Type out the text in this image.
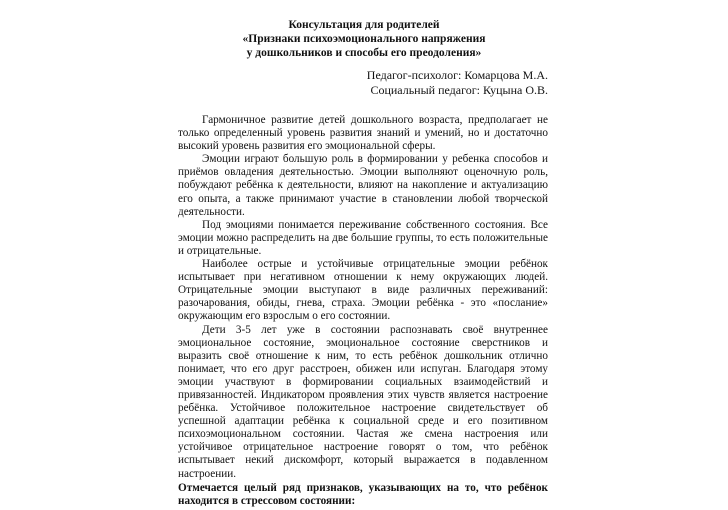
Консультация для родителей
«Признаки психоэмоционального напряжения
у дошкольников и способы его преодоления»
Педагог-психолог: Комарцова М.А.
Социальный педагог: Куцына О.В.

Гармоничное развитие детей дошкольного возраста, предполагает не только определенный уровень развития знаний и умений, но и достаточно высокий уровень развития его эмоциональной сферы.

Эмоции играют большую роль в формировании у ребенка способов и приёмов овладения деятельностью. Эмоции выполняют оценочную роль, побуждают ребёнка к деятельности, влияют на накопление и актуализацию его опыта, а также принимают участие в становлении любой творческой деятельности.

Под эмоциями понимается переживание собственного состояния. Все эмоции можно распределить на две большие группы, то есть положительные и отрицательные.

Наиболее острые и устойчивые отрицательные эмоции ребёнок испытывает при негативном отношении к нему окружающих людей. Отрицательные эмоции выступают в виде различных переживаний: разочарования, обиды, гнева, страха. Эмоции ребёнка - это «послание» окружающим его взрослым о его состоянии.

Дети 3-5 лет уже в состоянии распознавать своё внутреннее эмоциональное состояние, эмоциональное состояние сверстников и выразить своё отношение к ним, то есть ребёнок дошкольник отлично понимает, что его друг расстроен, обижен или испуган. Благодаря этому эмоции участвуют в формировании социальных взаимодействий и привязанностей. Индикатором проявления этих чувств является настроение ребёнка. Устойчивое положительное настроение свидетельствует об успешной адаптации ребёнка к социальной среде и его позитивном психоэмоциональном состоянии. Частая же смена настроения или устойчивое отрицательное настроение говорят о том, что ребёнок испытывает некий дискомфорт, который выражается в подавленном настроении.

Отмечается целый ряд признаков, указывающих на то, что ребёнок находится в стрессовом состоянии:
